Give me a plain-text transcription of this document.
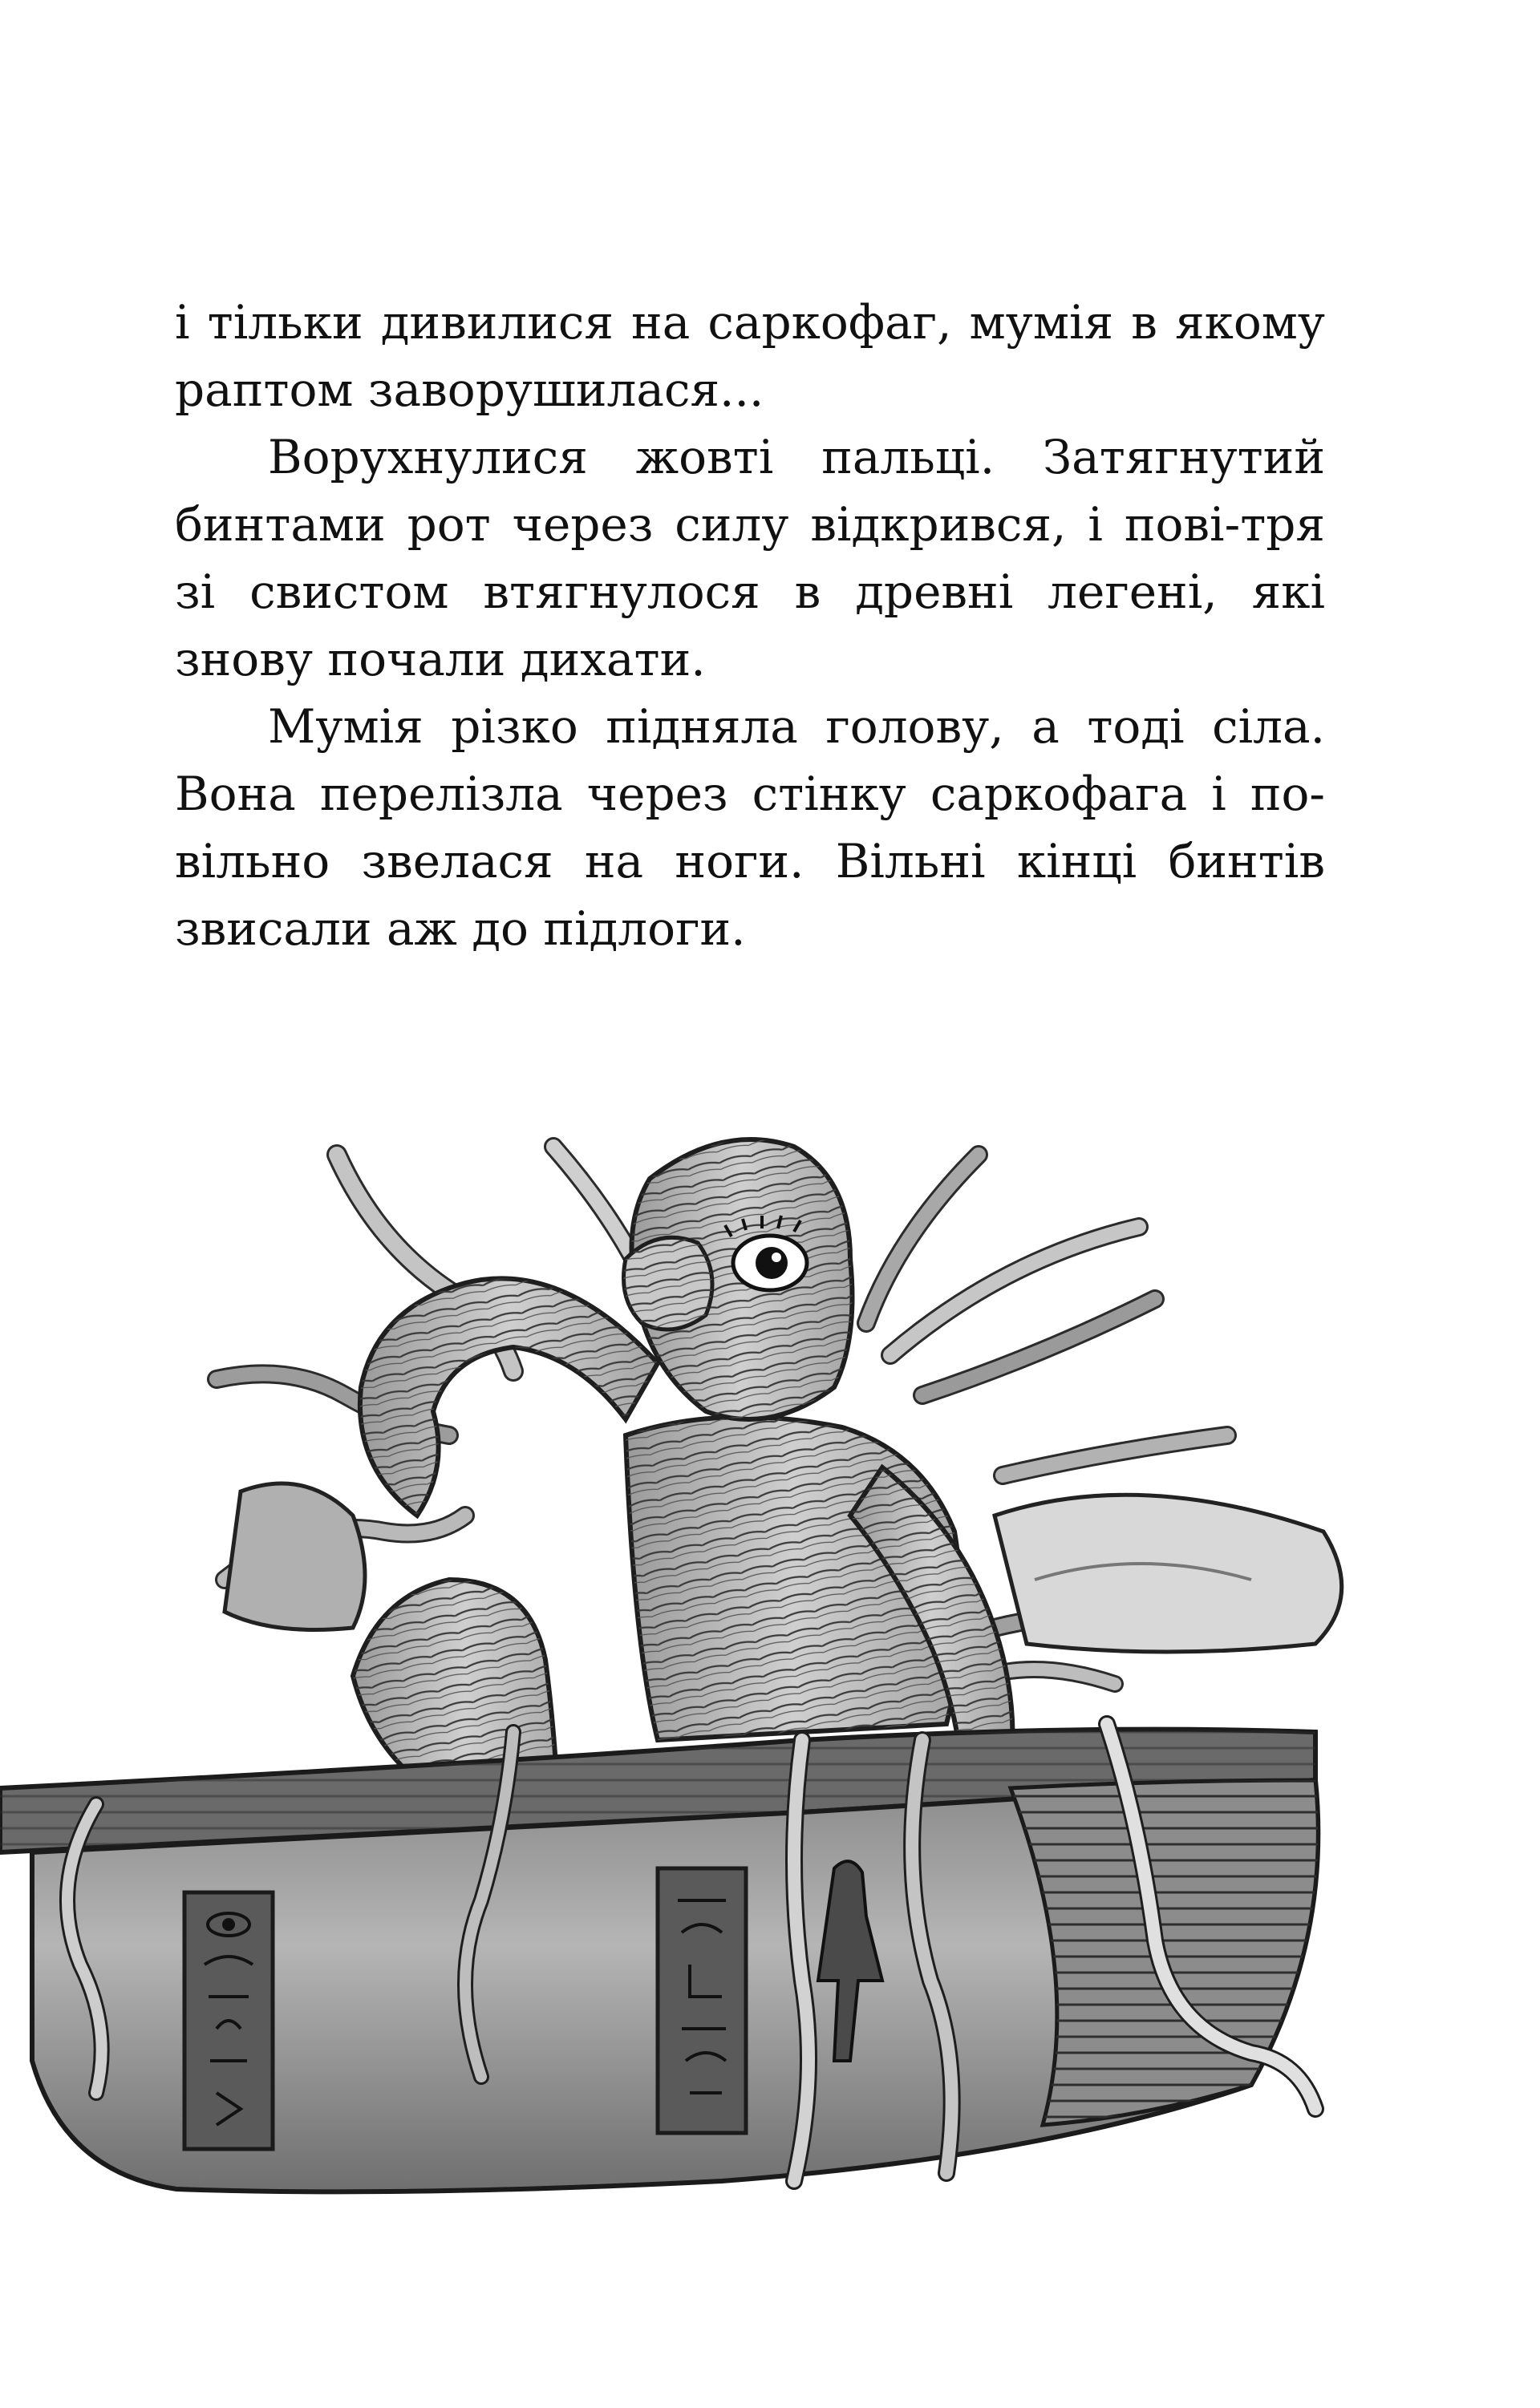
і тільки дивилися на саркофаг, мумія в якому раптом заворушилася...

Ворухнулися жовті пальці. Затягнутий бинтами рот через силу відкрився, і пові-тря зі свистом втягнулося в древні легені, які знову почали дихати.

Мумія різко підняла голову, а тоді сіла. Вона перелізла через стінку саркофага і по-вільно звелася на ноги. Вільні кінці бинтів звисали аж до підлоги.
